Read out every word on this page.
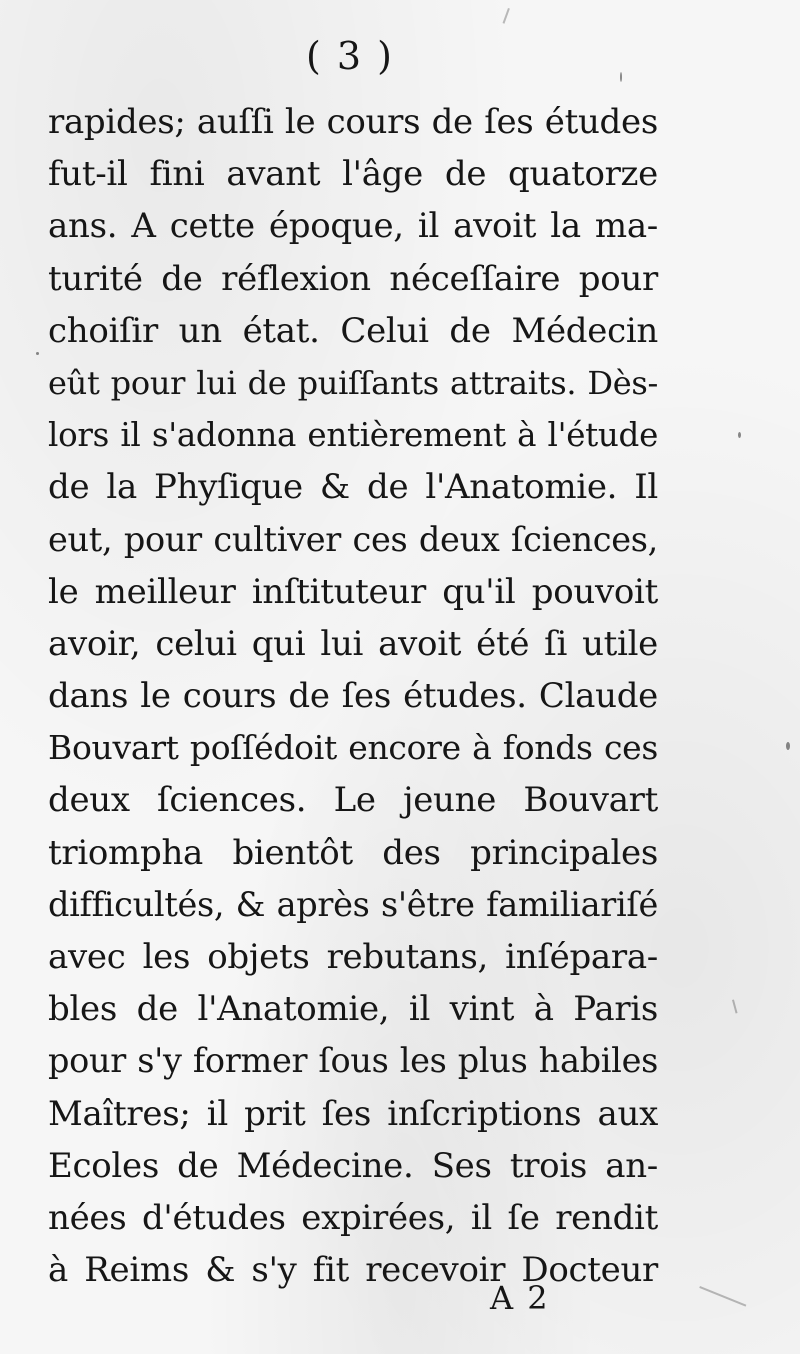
( 3 )
rapides; auſſi le cours de ſes études
fut-il fini avant l'âge de quatorze
ans. A cette époque, il avoit la ma-
turité de réflexion néceſſaire pour
choiſir un état. Celui de Médecin
eût pour lui de puiſſants attraits. Dès-
lors il s'adonna entièrement à l'étude
de la Phyſique & de l'Anatomie. Il
eut, pour cultiver ces deux ſciences,
le meilleur inſtituteur qu'il pouvoit
avoir, celui qui lui avoit été ſi utile
dans le cours de ſes études. Claude
Bouvart poſſédoit encore à fonds ces
deux ſciences. Le jeune Bouvart
triompha bientôt des principales
difficultés, & après s'être familiariſé
avec les objets rebutans, inſépara-
bles de l'Anatomie, il vint à Paris
pour s'y former ſous les plus habiles
Maîtres; il prit ſes inſcriptions aux
Ecoles de Médecine. Ses trois an-
nées d'études expirées, il ſe rendit
à Reims & s'y fit recevoir Docteur
A 2
